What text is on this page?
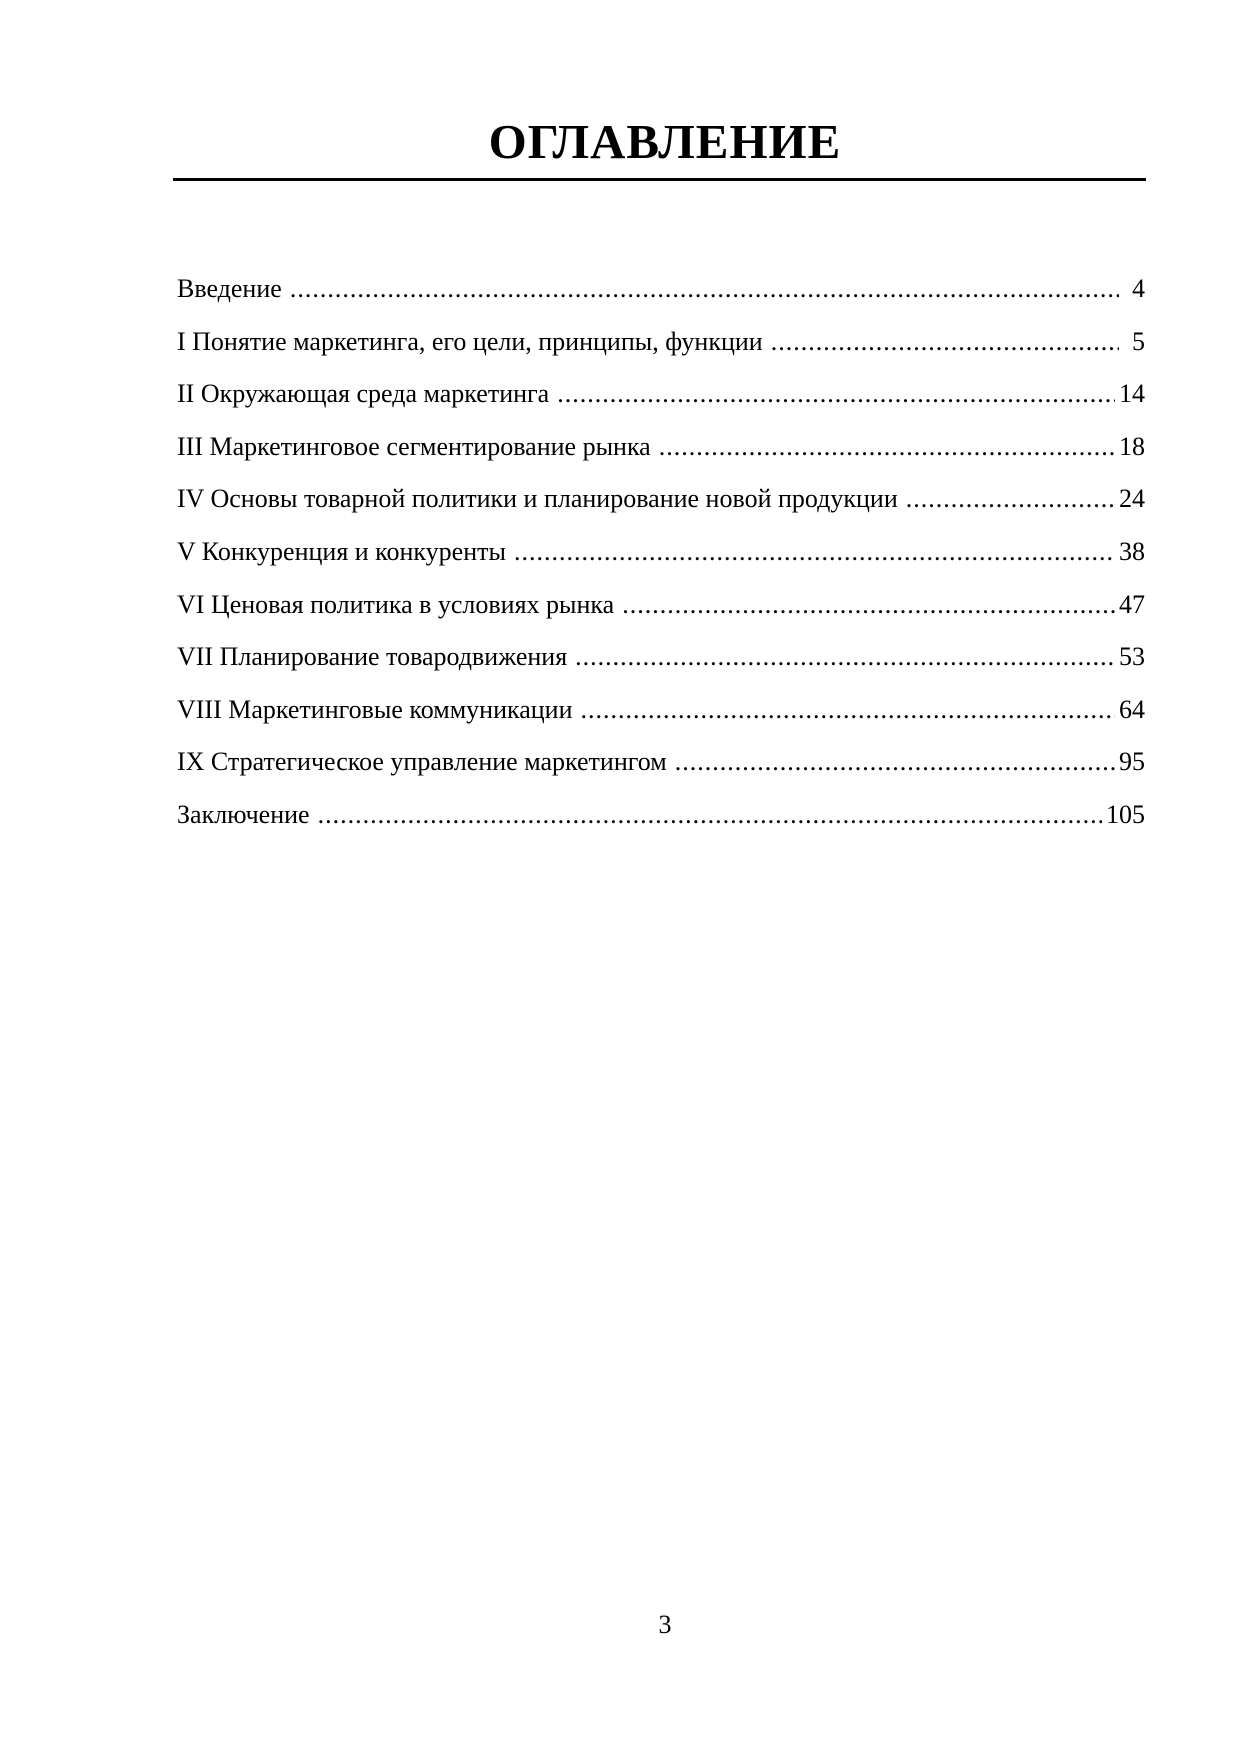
ОГЛАВЛЕНИЕ
Введение .....	4
I Понятие маркетинга, его цели, принципы, функции .....	5
II Окружающая среда маркетинга .....	14
III Маркетинговое сегментирование рынка .....	18
IV Основы товарной политики и планирование новой продукции .....	24
V Конкуренция и конкуренты .....	38
VI Ценовая политика в условиях рынка .....	47
VII Планирование товародвижения .....	53
VIII Маркетинговые коммуникации .....	64
IX Стратегическое управление маркетингом .....	95
Заключение .....	105
3
